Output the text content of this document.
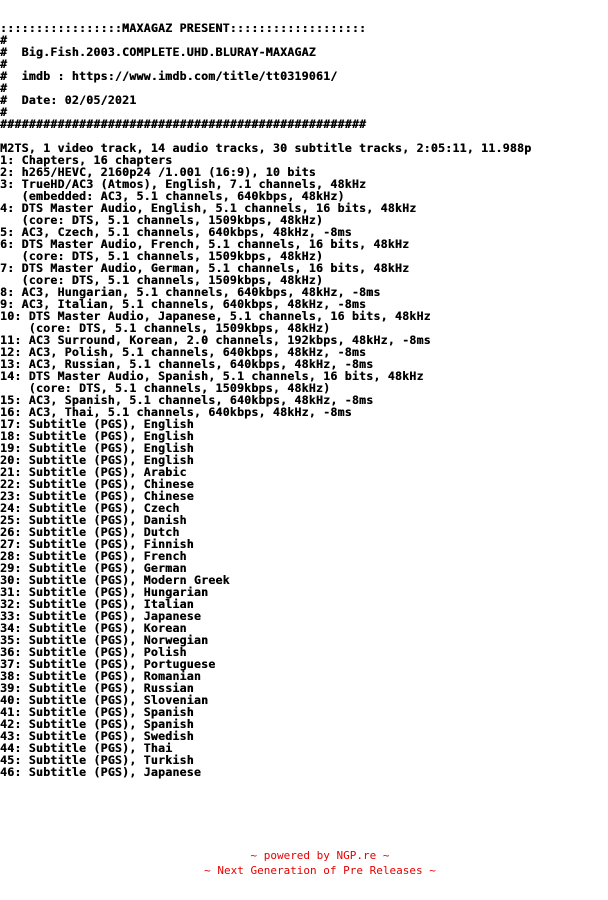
:::::::::::::::::MAXAGAZ PRESENT:::::::::::::::::::
#
#  Big.Fish.2003.COMPLETE.UHD.BLURAY-MAXAGAZ
#
#  imdb : https://www.imdb.com/title/tt0319061/
#
#  Date: 02/05/2021
#
###################################################
M2TS, 1 video track, 14 audio tracks, 30 subtitle tracks, 2:05:11, 11.988p
1: Chapters, 16 chapters
2: h265/HEVC, 2160p24 /1.001 (16:9), 10 bits
3: TrueHD/AC3 (Atmos), English, 7.1 channels, 48kHz
(embedded: AC3, 5.1 channels, 640kbps, 48kHz)
4: DTS Master Audio, English, 5.1 channels, 16 bits, 48kHz
(core: DTS, 5.1 channels, 1509kbps, 48kHz)
5: AC3, Czech, 5.1 channels, 640kbps, 48kHz, -8ms
6: DTS Master Audio, French, 5.1 channels, 16 bits, 48kHz
(core: DTS, 5.1 channels, 1509kbps, 48kHz)
7: DTS Master Audio, German, 5.1 channels, 16 bits, 48kHz
(core: DTS, 5.1 channels, 1509kbps, 48kHz)
8: AC3, Hungarian, 5.1 channels, 640kbps, 48kHz, -8ms
9: AC3, Italian, 5.1 channels, 640kbps, 48kHz, -8ms
10: DTS Master Audio, Japanese, 5.1 channels, 16 bits, 48kHz
(core: DTS, 5.1 channels, 1509kbps, 48kHz)
11: AC3 Surround, Korean, 2.0 channels, 192kbps, 48kHz, -8ms
12: AC3, Polish, 5.1 channels, 640kbps, 48kHz, -8ms
13: AC3, Russian, 5.1 channels, 640kbps, 48kHz, -8ms
14: DTS Master Audio, Spanish, 5.1 channels, 16 bits, 48kHz
(core: DTS, 5.1 channels, 1509kbps, 48kHz)
15: AC3, Spanish, 5.1 channels, 640kbps, 48kHz, -8ms
16: AC3, Thai, 5.1 channels, 640kbps, 48kHz, -8ms
17: Subtitle (PGS), English
18: Subtitle (PGS), English
19: Subtitle (PGS), English
20: Subtitle (PGS), English
21: Subtitle (PGS), Arabic
22: Subtitle (PGS), Chinese
23: Subtitle (PGS), Chinese
24: Subtitle (PGS), Czech
25: Subtitle (PGS), Danish
26: Subtitle (PGS), Dutch
27: Subtitle (PGS), Finnish
28: Subtitle (PGS), French
29: Subtitle (PGS), German
30: Subtitle (PGS), Modern Greek
31: Subtitle (PGS), Hungarian
32: Subtitle (PGS), Italian
33: Subtitle (PGS), Japanese
34: Subtitle (PGS), Korean
35: Subtitle (PGS), Norwegian
36: Subtitle (PGS), Polish
37: Subtitle (PGS), Portuguese
38: Subtitle (PGS), Romanian
39: Subtitle (PGS), Russian
40: Subtitle (PGS), Slovenian
41: Subtitle (PGS), Spanish
42: Subtitle (PGS), Spanish
43: Subtitle (PGS), Swedish
44: Subtitle (PGS), Thai
45: Subtitle (PGS), Turkish
46: Subtitle (PGS), Japanese
~ powered by NGP.re ~
~ Next Generation of Pre Releases ~
